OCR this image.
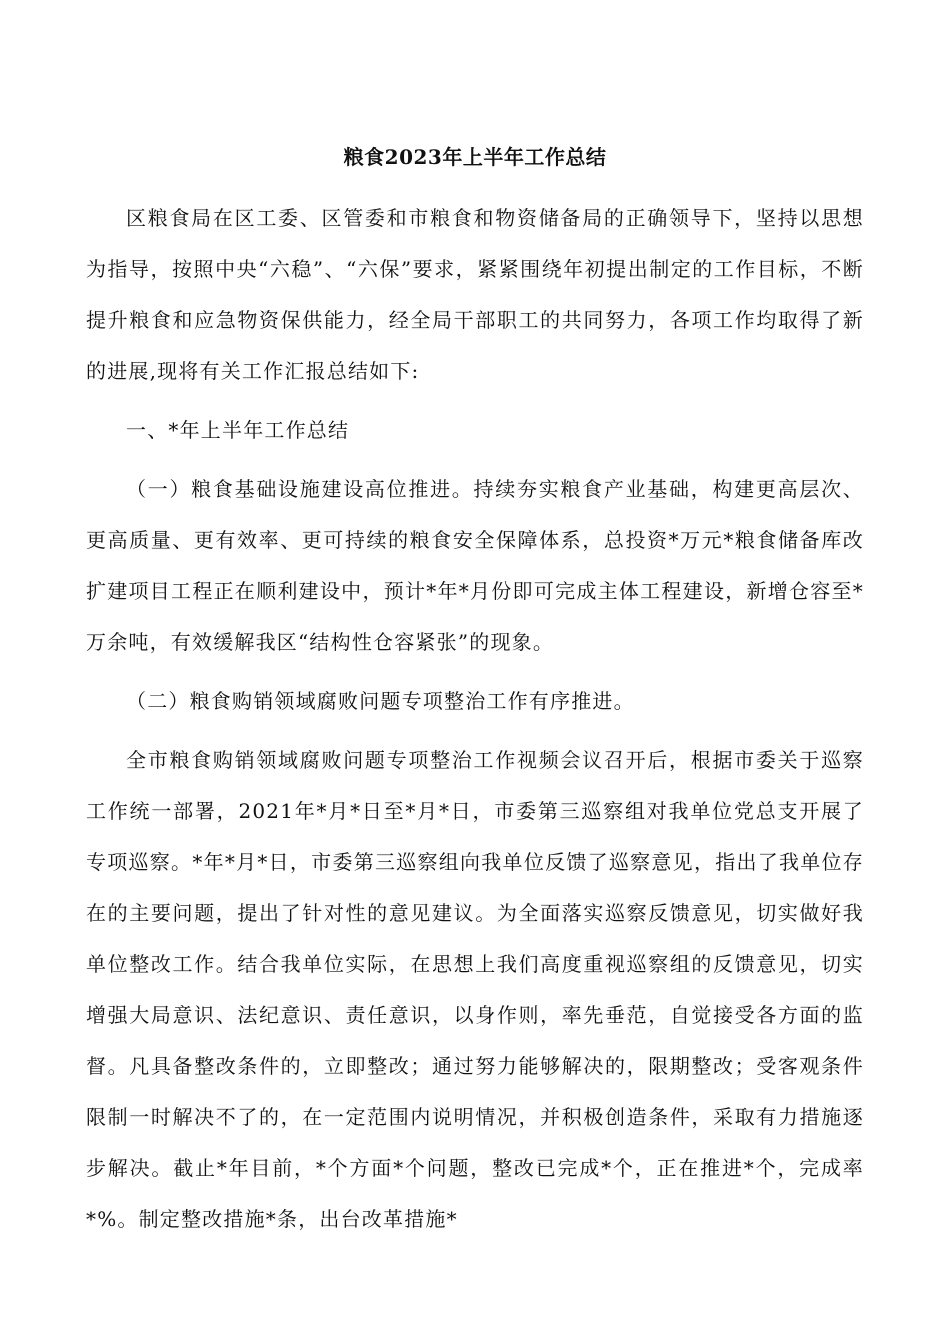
粮食2023年上半年工作总结

区粮食局在区工委、区管委和市粮食和物资储备局的正确领导下，坚持以思想为指导，按照中央“六稳”、“六保”要求，紧紧围绕年初提出制定的工作目标，不断提升粮食和应急物资保供能力，经全局干部职工的共同努力，各项工作均取得了新的进展,现将有关工作汇报总结如下:

一、*年上半年工作总结

（一）粮食基础设施建设高位推进。持续夯实粮食产业基础，构建更高层次、更高质量、更有效率、更可持续的粮食安全保障体系，总投资*万元*粮食储备库改扩建项目工程正在顺利建设中，预计*年*月份即可完成主体工程建设，新增仓容至*万余吨，有效缓解我区“结构性仓容紧张”的现象。

（二）粮食购销领域腐败问题专项整治工作有序推进。

全市粮食购销领域腐败问题专项整治工作视频会议召开后，根据市委关于巡察工作统一部署，2021年*月*日至*月*日，市委第三巡察组对我单位党总支开展了专项巡察。*年*月*日，市委第三巡察组向我单位反馈了巡察意见，指出了我单位存在的主要问题，提出了针对性的意见建议。为全面落实巡察反馈意见，切实做好我单位整改工作。结合我单位实际，在思想上我们高度重视巡察组的反馈意见，切实增强大局意识、法纪意识、责任意识，以身作则，率先垂范，自觉接受各方面的监督。凡具备整改条件的，立即整改；通过努力能够解决的，限期整改；受客观条件限制一时解决不了的，在一定范围内说明情况，并积极创造条件，采取有力措施逐步解决。截止*年目前，*个方面*个问题，整改已完成*个，正在推进*个，完成率*%。制定整改措施*条，出台改革措施*
